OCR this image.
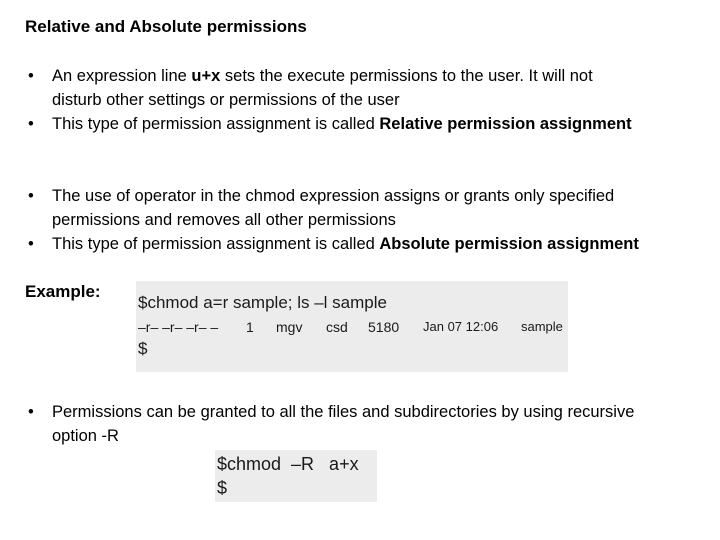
Relative and Absolute permissions
• An expression line u+x sets the execute permissions to the user. It will not
disturb other settings or permissions of the user
• This type of permission assignment is called Relative permission assignment
• The use of operator in the chmod expression assigns or grants only specified
permissions and removes all other permissions
• This type of permission assignment is called Absolute permission assignment
Example:
$chmod a=r sample; ls –l sample
–r– –r– –r– – 1 mgv csd 5180 Jan 07 12:06 sample
$
• Permissions can be granted to all the files and subdirectories by using recursive
option -R
$chmod  –R   a+x
$
